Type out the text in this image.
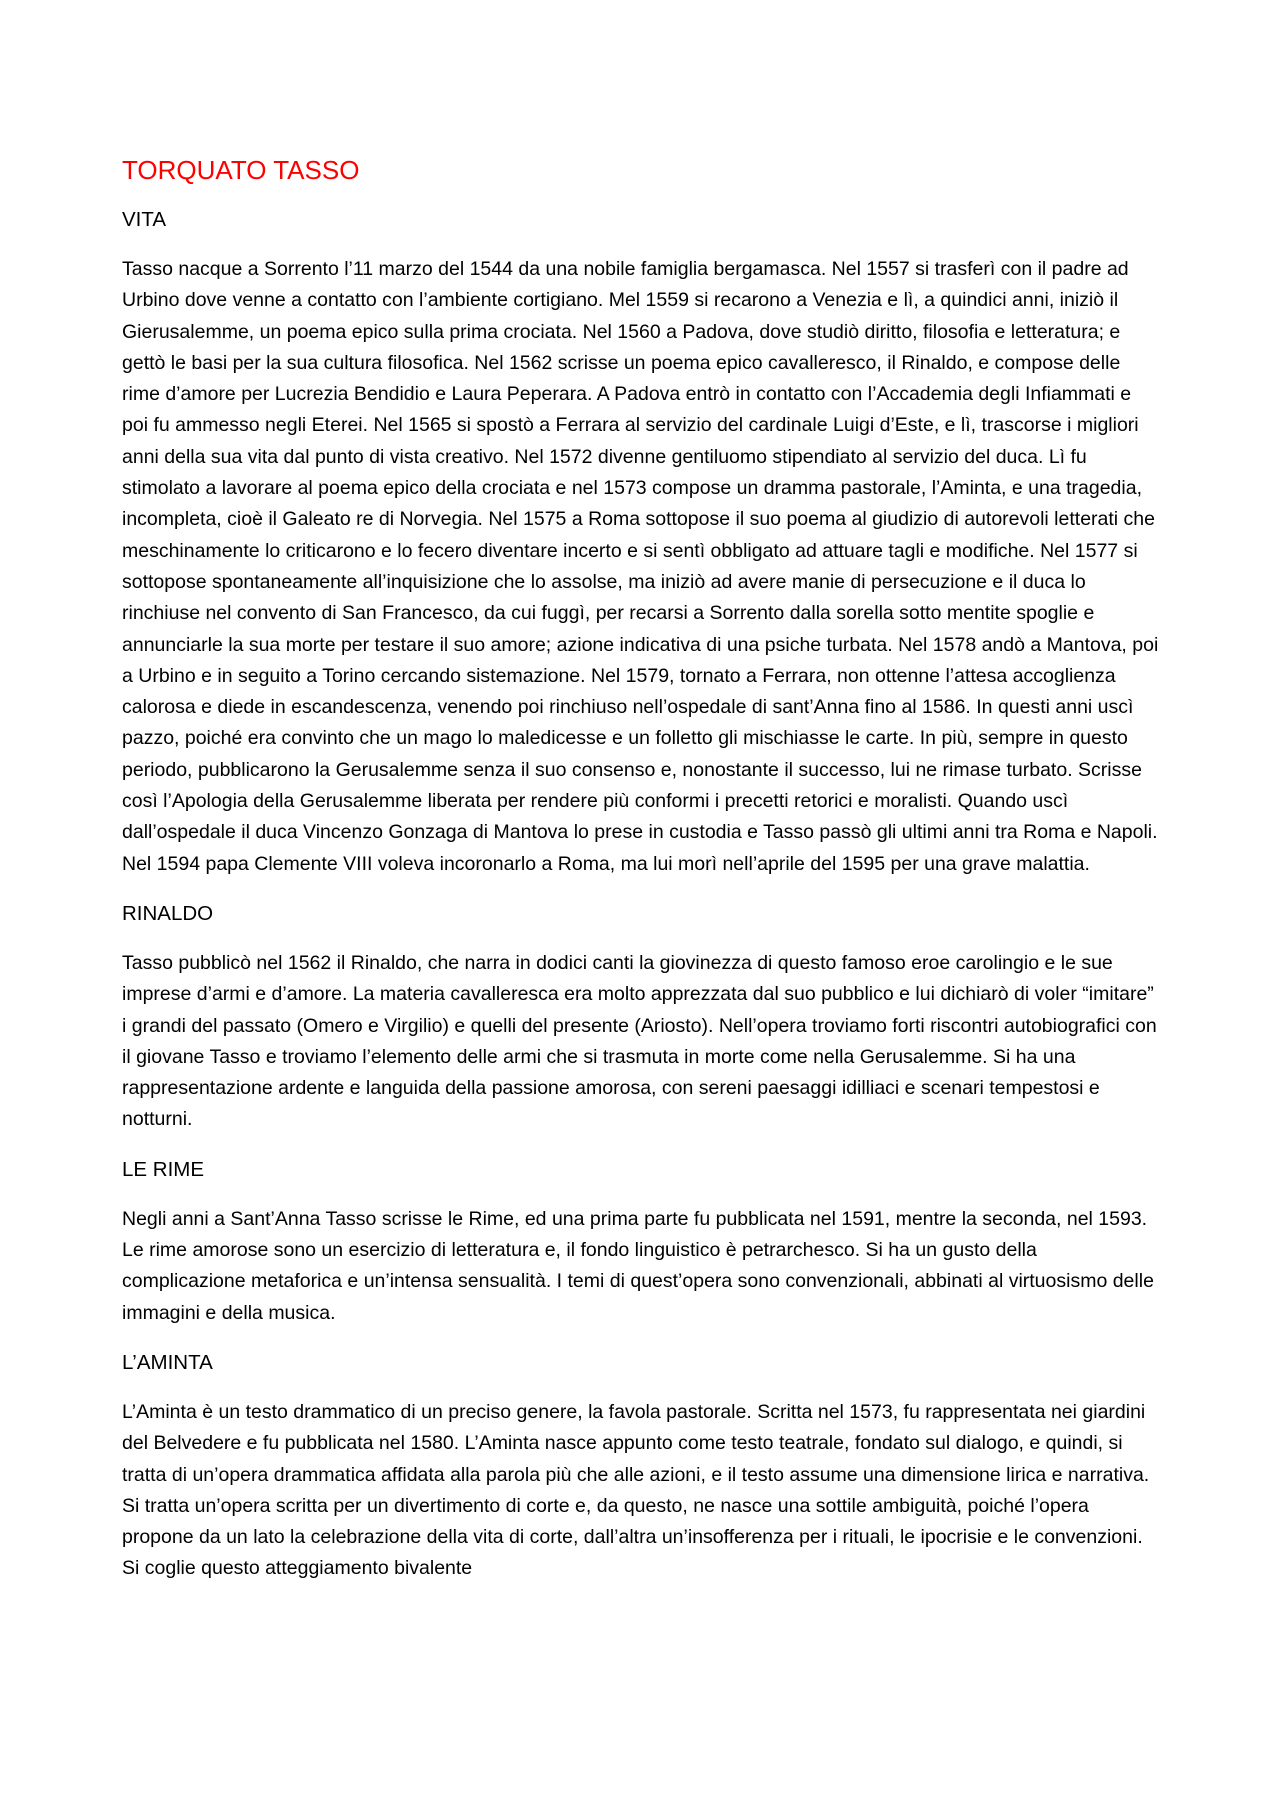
TORQUATO TASSO
VITA

Tasso nacque a Sorrento l’11 marzo del 1544 da una nobile famiglia bergamasca. Nel 1557 si trasferì con il padre ad Urbino dove venne a contatto con l’ambiente cortigiano. Mel 1559 si recarono a Venezia e lì, a quindici anni, iniziò il Gierusalemme, un poema epico sulla prima crociata. Nel 1560 a Padova, dove studiò diritto, filosofia e letteratura; e gettò le basi per la sua cultura filosofica. Nel 1562 scrisse un poema epico cavalleresco, il Rinaldo, e compose delle rime d’amore per Lucrezia Bendidio e Laura Peperara. A Padova entrò in contatto con l’Accademia degli Infiammati e poi fu ammesso negli Eterei. Nel 1565 si spostò a Ferrara al servizio del cardinale Luigi d’Este, e lì, trascorse i migliori anni della sua vita dal punto di vista creativo. Nel 1572 divenne gentiluomo stipendiato al servizio del duca. Lì fu stimolato a lavorare al poema epico della crociata e nel 1573 compose un dramma pastorale, l’Aminta, e una tragedia, incompleta, cioè il Galeato re di Norvegia. Nel 1575 a Roma sottopose il suo poema al giudizio di autorevoli letterati che meschinamente lo criticarono e lo fecero diventare incerto e si sentì obbligato ad attuare tagli e modifiche. Nel 1577 si sottopose spontaneamente all’inquisizione che lo assolse, ma iniziò ad avere manie di persecuzione e il duca lo rinchiuse nel convento di San Francesco, da cui fuggì, per recarsi a Sorrento dalla sorella sotto mentite spoglie e annunciarle la sua morte per testare il suo amore; azione indicativa di una psiche turbata. Nel 1578 andò a Mantova, poi a Urbino e in seguito a Torino cercando sistemazione. Nel 1579, tornato a Ferrara, non ottenne l’attesa accoglienza calorosa e diede in escandescenza, venendo poi rinchiuso nell’ospedale di sant’Anna fino al 1586. In questi anni uscì pazzo, poiché era convinto che un mago lo maledicesse e un folletto gli mischiasse le carte. In più, sempre in questo periodo, pubblicarono la Gerusalemme senza il suo consenso e, nonostante il successo, lui ne rimase turbato. Scrisse così l’Apologia della Gerusalemme liberata per rendere più conformi i precetti retorici e moralisti. Quando uscì dall’ospedale il duca Vincenzo Gonzaga di Mantova lo prese in custodia e Tasso passò gli ultimi anni tra Roma e Napoli. Nel 1594 papa Clemente VIII voleva incoronarlo a Roma, ma lui morì nell’aprile del 1595 per una grave malattia.

RINALDO

Tasso pubblicò nel 1562 il Rinaldo, che narra in dodici canti la giovinezza di questo famoso eroe carolingio e le sue imprese d’armi e d’amore. La materia cavalleresca era molto apprezzata dal suo pubblico e lui dichiarò di voler “imitare” i grandi del passato (Omero e Virgilio) e quelli del presente (Ariosto). Nell’opera troviamo forti riscontri autobiografici con il giovane Tasso e troviamo l’elemento delle armi che si trasmuta in morte come nella Gerusalemme. Si ha una rappresentazione ardente e languida della passione amorosa, con sereni paesaggi idilliaci e scenari tempestosi e notturni.

LE RIME

Negli anni a Sant’Anna Tasso scrisse le Rime, ed una prima parte fu pubblicata nel 1591, mentre la seconda, nel 1593. Le rime amorose sono un esercizio di letteratura e, il fondo linguistico è petrarchesco. Si ha un gusto della complicazione metaforica e un’intensa sensualità. I temi di quest’opera sono convenzionali, abbinati al virtuosismo delle immagini e della musica.

L’AMINTA

L’Aminta è un testo drammatico di un preciso genere, la favola pastorale. Scritta nel 1573, fu rappresentata nei giardini del Belvedere e fu pubblicata nel 1580. L’Aminta nasce appunto come testo teatrale, fondato sul dialogo, e quindi, si tratta di un’opera drammatica affidata alla parola più che alle azioni, e il testo assume una dimensione lirica e narrativa. Si tratta un’opera scritta per un divertimento di corte e, da questo, ne nasce una sottile ambiguità, poiché l’opera propone da un lato la celebrazione della vita di corte, dall’altra un’insofferenza per i rituali, le ipocrisie e le convenzioni. Si coglie questo atteggiamento bivalente
